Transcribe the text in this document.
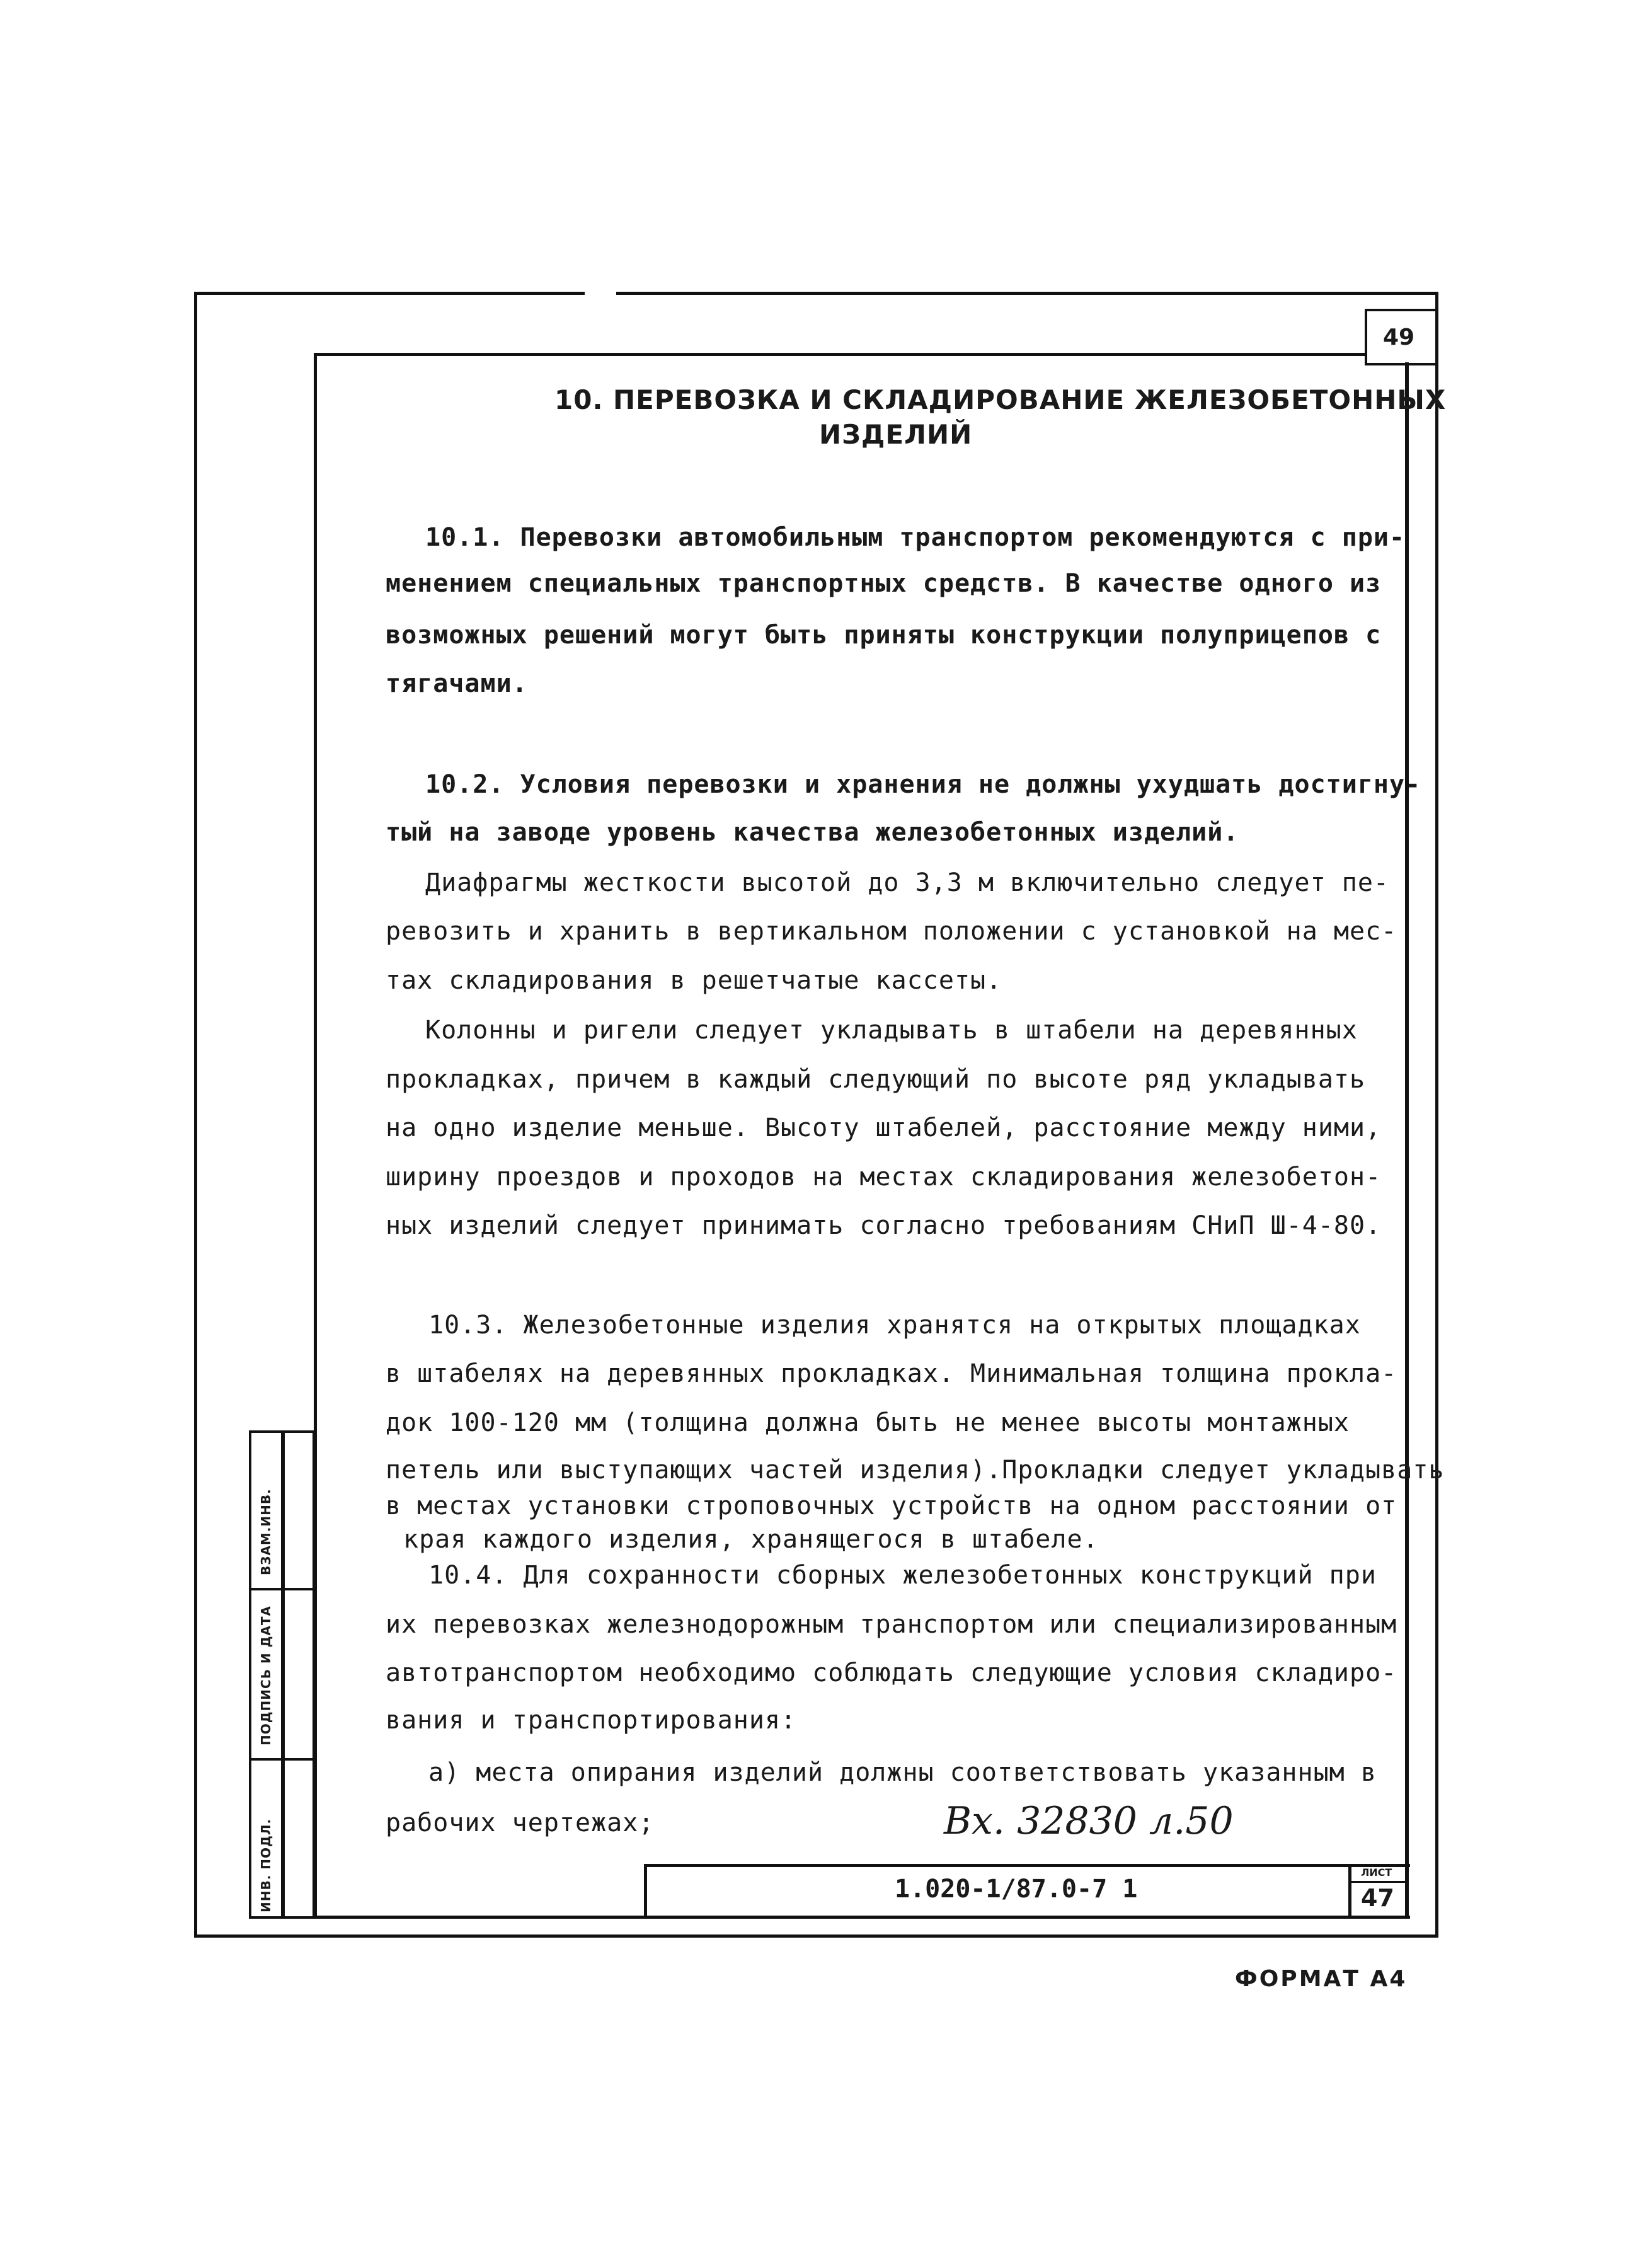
49
10. ПЕРЕВОЗКА И СКЛАДИРОВАНИЕ ЖЕЛЕЗОБЕТОННЫХ
ИЗДЕЛИЙ
10.1. Перевозки автомобильным транспортом рекомендуются с при-
менением специальных транспортных средств. В качестве одного из
возможных решений могут быть приняты конструкции полуприцепов с
тягачами.
10.2. Условия перевозки и хранения не должны ухудшать достигну-
тый на заводе уровень качества железобетонных изделий.
Диафрагмы жесткости высотой до 3,3 м включительно следует пе-
ревозить и хранить в вертикальном положении с установкой на мес-
тах складирования в решетчатые кассеты.
Колонны и ригели следует укладывать в штабели на деревянных
прокладках, причем в каждый следующий по высоте ряд укладывать
на одно изделие меньше. Высоту штабелей, расстояние между ними,
ширину проездов и проходов на местах складирования железобетон-
ных изделий следует принимать согласно требованиям СНиП Ш-4-80.
10.3. Железобетонные изделия хранятся на открытых площадках
в штабелях на деревянных прокладках. Минимальная толщина прокла-
док 100-120 мм (толщина должна быть не менее высоты монтажных
петель или выступающих частей изделия).Прокладки следует укладывать
в местах установки строповочных устройств на одном расстоянии от
края каждого изделия, хранящегося в штабеле.
10.4. Для сохранности сборных железобетонных конструкций при
их перевозках железнодорожным транспортом или специализированным
автотранспортом необходимо соблюдать следующие условия складиро-
вания и транспортирования:
а) места опирания изделий должны соответствовать указанным в
рабочих чертежах;	Вх. 32830 л.50
1.020-1/87.0-7 1
ЛИСТ
47
ВЗАМ.ИНВ.
ПОДПИСЬ И ДАТА
ИНВ. ПОДЛ.
ФОРМАТ А4
